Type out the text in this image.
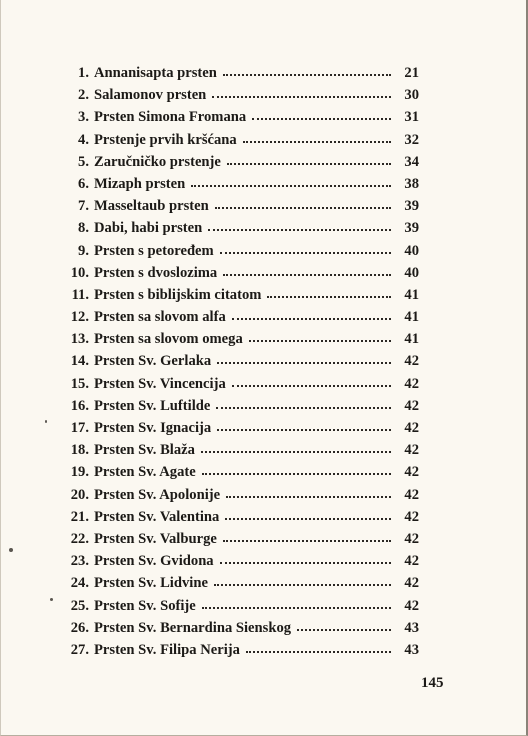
1. Annanisapta prsten	21
2. Salamonov prsten	30
3. Prsten Simona Fromana	31
4. Prstenje prvih kršćana	32
5. Zaručničko prstenje	34
6. Mizaph prsten	38
7. Masseltaub prsten	39
8. Dabi, habi prsten	39
9. Prsten s petoređem	40
10. Prsten s dvoslozima	40
11. Prsten s biblijskim citatom	41
12. Prsten sa slovom alfa	41
13. Prsten sa slovom omega	41
14. Prsten Sv. Gerlaka	42
15. Prsten Sv. Vincencija	42
16. Prsten Sv. Luftilde	42
17. Prsten Sv. Ignacija	42
18. Prsten Sv. Blaža	42
19. Prsten Sv. Agate	42
20. Prsten Sv. Apolonije	42
21. Prsten Sv. Valentina	42
22. Prsten Sv. Valburge	42
23. Prsten Sv. Gvidona	42
24. Prsten Sv. Lidvine	42
25. Prsten Sv. Sofije	42
26. Prsten Sv. Bernardina Sienskog	43
27. Prsten Sv. Filipa Nerija	43
145
